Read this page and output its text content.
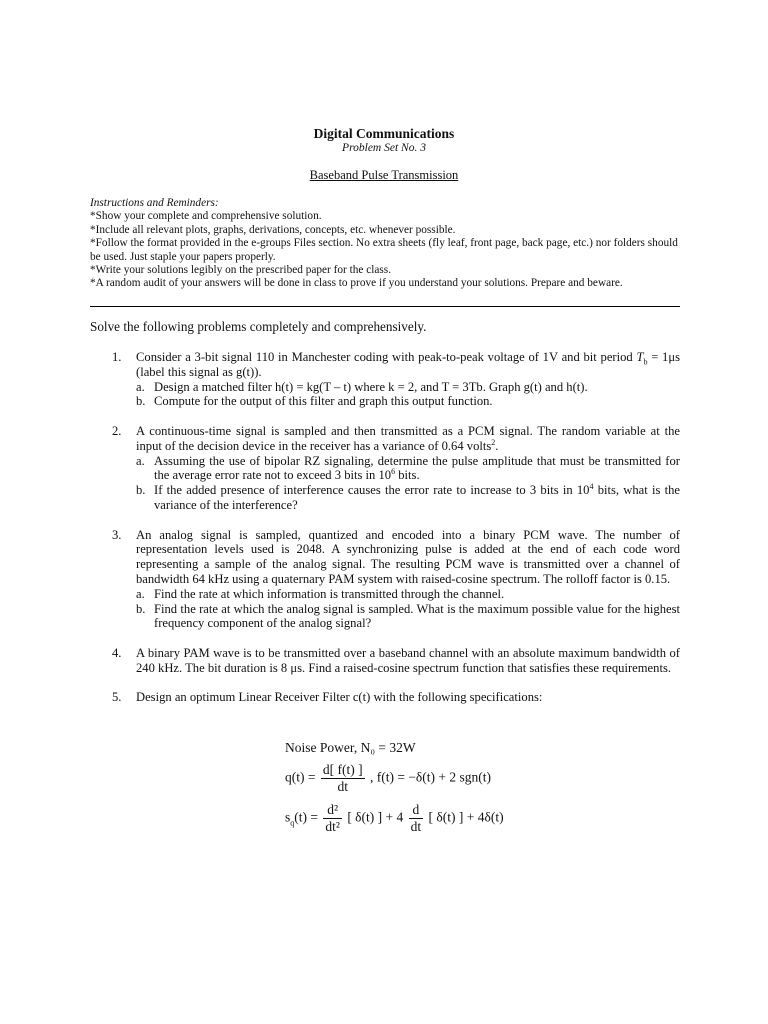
Digital Communications
Problem Set No. 3
Baseband Pulse Transmission
Instructions and Reminders:

*Show your complete and comprehensive solution.

*Include all relevant plots, graphs, derivations, concepts, etc. whenever possible.

*Follow the format provided in the e-groups Files section. No extra sheets (fly leaf, front page, back page, etc.) nor folders should be used. Just staple your papers properly.

*Write your solutions legibly on the prescribed paper for the class.

*A random audit of your answers will be done in class to prove if you understand your solutions. Prepare and beware.

Solve the following problems completely and comprehensively.
1. Consider a 3-bit signal 110 in Manchester coding with peak-to-peak voltage of 1V and bit period $T_b = 1\mu s$ (label this signal as g(t)).
a. Design a matched filter h(t) = kg(T – t) where k = 2, and T = 3Tb. Graph g(t) and h(t).
b. Compute for the output of this filter and graph this output function.
2. A continuous-time signal is sampled and then transmitted as a PCM signal. The random variable at the input of the decision device in the receiver has a variance of 0.64 volts$^2$.
a. Assuming the use of bipolar RZ signaling, determine the pulse amplitude that must be transmitted for the average error rate not to exceed 3 bits in $10^6$ bits.
b. If the added presence of interference causes the error rate to increase to 3 bits in $10^4$ bits, what is the variance of the interference?
3. An analog signal is sampled, quantized and encoded into a binary PCM wave. The number of representation levels used is 2048. A synchronizing pulse is added at the end of each code word representing a sample of the analog signal. The resulting PCM wave is transmitted over a channel of bandwidth 64 kHz using a quaternary PAM system with raised-cosine spectrum. The rolloff factor is 0.15.
a. Find the rate at which information is transmitted through the channel.
b. Find the rate at which the analog signal is sampled. What is the maximum possible value for the highest frequency component of the analog signal?
4. A binary PAM wave is to be transmitted over a baseband channel with an absolute maximum bandwidth of 240 kHz. The bit duration is 8 μs. Find a raised-cosine spectrum function that satisfies these requirements.
5. Design an optimum Linear Receiver Filter c(t) with the following specifications:
Noise Power, N₀ = 32W
$q(t) = \frac{d[ f(t) ]}{dt}$ , f(t) = −δ(t) + 2 sgn(t)
$s_q(t) = \frac{\text{d²}}{\text{dt²}}$ [ δ(t) ] + $4 \frac{d}{dt}$ [ δ(t) ] + 4δ(t)
